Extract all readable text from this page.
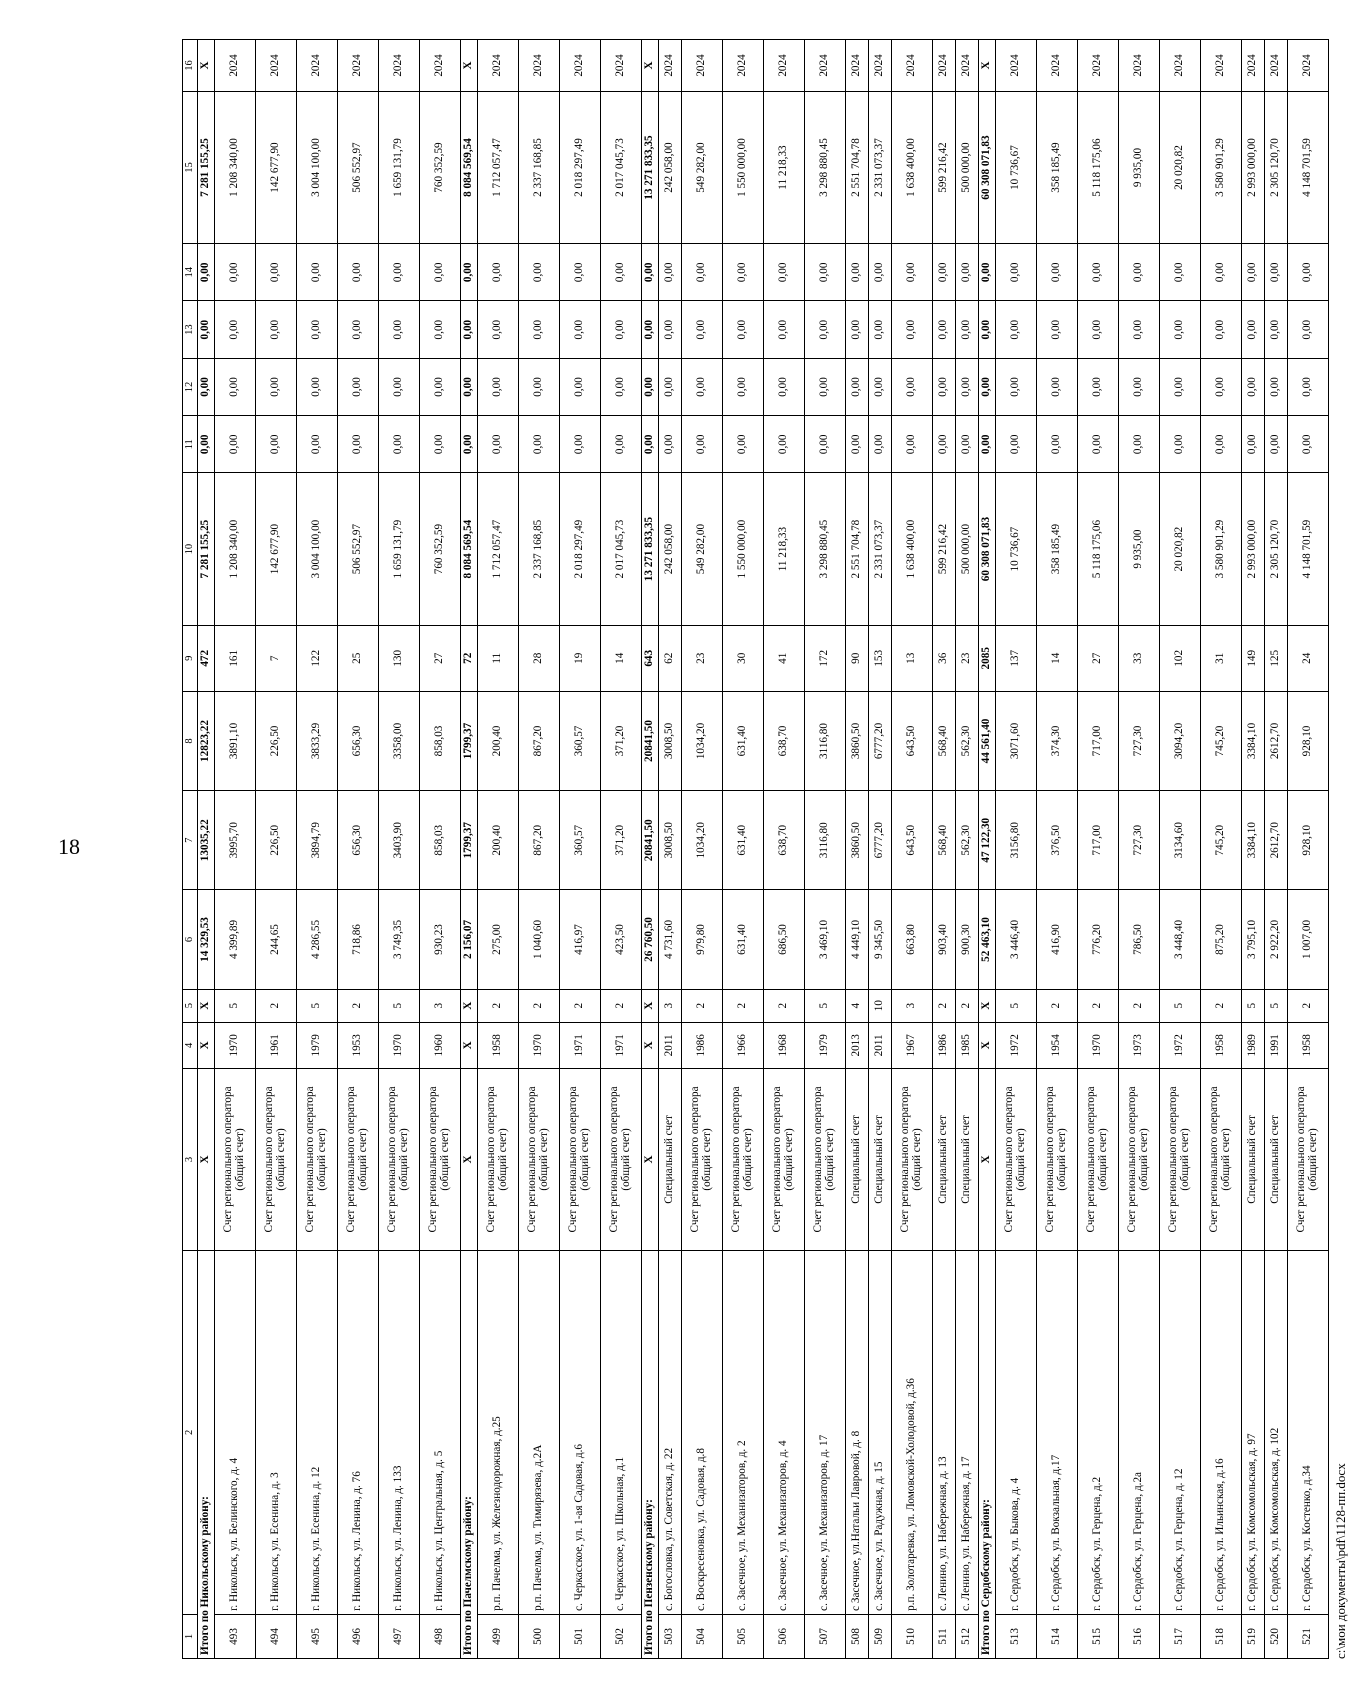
18
1	2	3	4	5	6	7	8	9	10	11	12	13	14	15	16
Итого по Никольскому району:		X	X	X	14 329,53	13035,22	12823,22	472	7 281 155,25	0,00	0,00	0,00	0,00	7 281 155,25	X
493	г. Никольск, ул. Белинского, д. 4	Счет регионального оператора (общий счет)	1970	5	4 399,89	3995,70	3891,10	161	1 208 340,00	0,00	0,00	0,00	0,00	1 208 340,00	2024
494	г. Никольск, ул. Есенина, д. 3	Счет регионального оператора (общий счет)	1961	2	244,65	226,50	226,50	7	142 677,90	0,00	0,00	0,00	0,00	142 677,90	2024
495	г. Никольск, ул. Есенина, д. 12	Счет регионального оператора (общий счет)	1979	5	4 286,55	3894,79	3833,29	122	3 004 100,00	0,00	0,00	0,00	0,00	3 004 100,00	2024
496	г. Никольск, ул. Ленина, д. 76	Счет регионального оператора (общий счет)	1953	2	718,86	656,30	656,30	25	506 552,97	0,00	0,00	0,00	0,00	506 552,97	2024
497	г. Никольск, ул. Ленина, д. 133	Счет регионального оператора (общий счет)	1970	5	3 749,35	3403,90	3358,00	130	1 659 131,79	0,00	0,00	0,00	0,00	1 659 131,79	2024
498	г. Никольск, ул. Центральная, д. 5	Счет регионального оператора (общий счет)	1960	3	930,23	858,03	858,03	27	760 352,59	0,00	0,00	0,00	0,00	760 352,59	2024
Итого по Пачелмскому району:		X	X	X	2 156,07	1799,37	1799,37	72	8 084 569,54	0,00	0,00	0,00	0,00	8 084 569,54	X
499	р.п. Пачелма, ул. Железнодорожная, д.25	Счет регионального оператора (общий счет)	1958	2	275,00	200,40	200,40	11	1 712 057,47	0,00	0,00	0,00	0,00	1 712 057,47	2024
500	р.п. Пачелма, ул. Тимирязева, д.2А	Счет регионального оператора (общий счет)	1970	2	1 040,60	867,20	867,20	28	2 337 168,85	0,00	0,00	0,00	0,00	2 337 168,85	2024
501	с. Черкасское, ул. 1-ая Садовая, д.6	Счет регионального оператора (общий счет)	1971	2	416,97	360,57	360,57	19	2 018 297,49	0,00	0,00	0,00	0,00	2 018 297,49	2024
502	с. Черкасское, ул. Школьная, д.1	Счет регионального оператора (общий счет)	1971	2	423,50	371,20	371,20	14	2 017 045,73	0,00	0,00	0,00	0,00	2 017 045,73	2024
Итого по Пензенскому району:		X	X	X	26 760,50	20841,50	20841,50	643	13 271 833,35	0,00	0,00	0,00	0,00	13 271 833,35	X
503	с. Богословка, ул. Советская, д. 22	Специальный счет	2011	3	4 731,60	3008,50	3008,50	62	242 058,00	0,00	0,00	0,00	0,00	242 058,00	2024
504	с. Воскресеновка, ул. Садовая, д.8	Счет регионального оператора (общий счет)	1986	2	979,80	1034,20	1034,20	23	549 282,00	0,00	0,00	0,00	0,00	549 282,00	2024
505	с. Засечное, ул. Механизаторов, д. 2	Счет регионального оператора (общий счет)	1966	2	631,40	631,40	631,40	30	1 550 000,00	0,00	0,00	0,00	0,00	1 550 000,00	2024
506	с. Засечное, ул. Механизаторов, д. 4	Счет регионального оператора (общий счет)	1968	2	686,50	638,70	638,70	41	11 218,33	0,00	0,00	0,00	0,00	11 218,33	2024
507	с. Засечное, ул. Механизаторов, д. 17	Счет регионального оператора (общий счет)	1979	5	3 469,10	3116,80	3116,80	172	3 298 880,45	0,00	0,00	0,00	0,00	3 298 880,45	2024
508	с Засечное, ул.Натальи Лавровой, д. 8	Специальный счет	2013	4	4 449,10	3860,50	3860,50	90	2 551 704,78	0,00	0,00	0,00	0,00	2 551 704,78	2024
509	с. Засечное, ул. Радужная, д. 15	Специальный счет	2011	10	9 345,50	6777,20	6777,20	153	2 331 073,37	0,00	0,00	0,00	0,00	2 331 073,37	2024
510	р.п. Золотаревка, ул. Ломовской-Холодовой, д.36	Счет регионального оператора (общий счет)	1967	3	663,80	643,50	643,50	13	1 638 400,00	0,00	0,00	0,00	0,00	1 638 400,00	2024
511	с. Ленино, ул. Набережная, д. 13	Специальный счет	1986	2	903,40	568,40	568,40	36	599 216,42	0,00	0,00	0,00	0,00	599 216,42	2024
512	с. Ленино, ул. Набережная, д. 17	Специальный счет	1985	2	900,30	562,30	562,30	23	500 000,00	0,00	0,00	0,00	0,00	500 000,00	2024
Итого по Сердобскому району:		X	X	X	52 463,10	47 122,30	44 561,40	2085	60 308 071,83	0,00	0,00	0,00	0,00	60 308 071,83	X
513	г. Сердобск, ул. Быкова, д. 4	Счет регионального оператора (общий счет)	1972	5	3 446,40	3156,80	3071,60	137	10 736,67	0,00	0,00	0,00	0,00	10 736,67	2024
514	г. Сердобск, ул. Вокзальная, д.17	Счет регионального оператора (общий счет)	1954	2	416,90	376,50	374,30	14	358 185,49	0,00	0,00	0,00	0,00	358 185,49	2024
515	г. Сердобск, ул. Герцена, д.2	Счет регионального оператора (общий счет)	1970	2	776,20	717,00	717,00	27	5 118 175,06	0,00	0,00	0,00	0,00	5 118 175,06	2024
516	г. Сердобск, ул. Герцена, д.2а	Счет регионального оператора (общий счет)	1973	2	786,50	727,30	727,30	33	9 935,00	0,00	0,00	0,00	0,00	9 935,00	2024
517	г. Сердобск, ул. Герцена, д. 12	Счет регионального оператора (общий счет)	1972	5	3 448,40	3134,60	3094,20	102	20 020,82	0,00	0,00	0,00	0,00	20 020,82	2024
518	г. Сердобск, ул. Ильинская, д.16	Счет регионального оператора (общий счет)	1958	2	875,20	745,20	745,20	31	3 580 901,29	0,00	0,00	0,00	0,00	3 580 901,29	2024
519	г. Сердобск, ул. Комсомольская, д. 97	Специальный счет	1989	5	3 795,10	3384,10	3384,10	149	2 993 000,00	0,00	0,00	0,00	0,00	2 993 000,00	2024
520	г. Сердобск, ул. Комсомольская, д. 102	Специальный счет	1991	5	2 922,20	2612,70	2612,70	125	2 305 120,70	0,00	0,00	0,00	0,00	2 305 120,70	2024
521	г. Сердобск, ул. Костенко, д.34	Счет регионального оператора (общий счет)	1958	2	1 007,00	928,10	928,10	24	4 148 701,59	0,00	0,00	0,00	0,00	4 148 701,59	2024
c:\мои документы\pdf\1128-пп.docx
